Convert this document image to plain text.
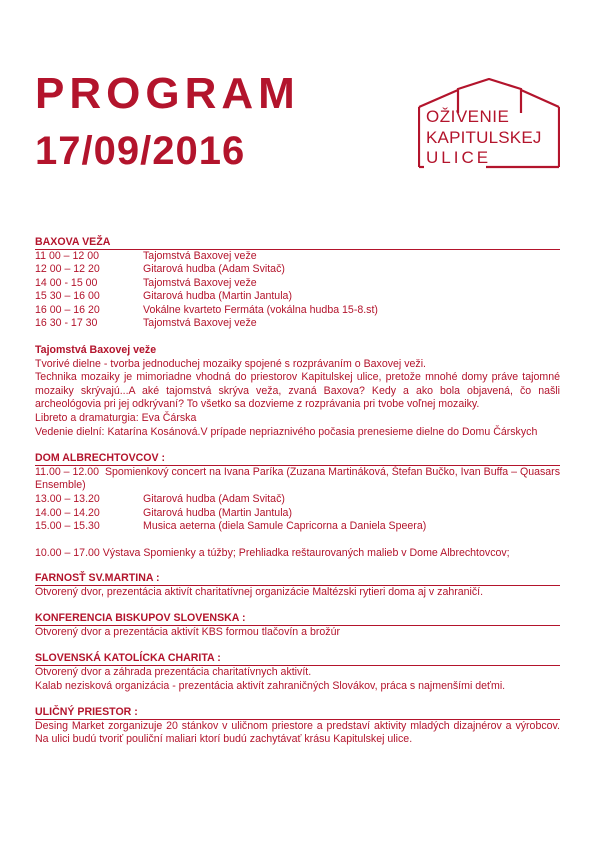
PROGRAM
17/09/2016
OŽIVENIE
KAPITULSKEJ
ULICE
BAXOVA VEŽA
11 00 – 12 00	Tajomstvá Baxovej veže
12 00 – 12 20	Gitarová hudba (Adam Svitač)
14 00 - 15 00	Tajomstvá Baxovej veže
15 30 – 16 00	Gitarová hudba (Martin Jantula)
16 00 – 16 20	Vokálne kvarteto Fermáta (vokálna hudba 15-8.st)
16 30 - 17 30	Tajomstvá Baxovej veže
Tajomstvá Baxovej veže
Tvorivé dielne - tvorba jednoduchej mozaiky spojené s rozprávaním o Baxovej veži.
Technika mozaiky je mimoriadne vhodná do priestorov Kapitulskej ulice, pretože mnohé domy práve tajomné mozaiky skrývajú...A aké tajomstvá skrýva veža, zvaná Baxova? Kedy a ako bola objavená, čo našli archeológovia pri jej odkrývaní? To všetko sa dozvieme z rozprávania pri tvobe voľnej mozaiky.
Libreto a dramaturgia: Eva Čárska
Vedenie dielní: Katarína Kosánová.V prípade nepriaznivého počasia prenesieme dielne do Domu Čárskych
DOM ALBRECHTOVCOV :
11.00 – 12.00 Spomienkový concert na Ivana Paríka (Zuzana Martináková, Štefan Bučko, Ivan Buffa – Quasars Ensemble)
13.00 – 13.20	Gitarová hudba (Adam Svitač)
14.00 – 14.20	Gitarová hudba (Martin Jantula)
15.00 – 15.30	Musica aeterna (diela Samule Capricorna a Daniela Speera)
10.00 – 17.00 Výstava Spomienky a túžby; Prehliadka reštaurovaných malieb v Dome Albrechtovcov;
FARNOSŤ SV.MARTINA :
Otvorený dvor, prezentácia aktivít charitatívnej organizácie Maltézski rytieri doma aj v zahraničí.
KONFERENCIA BISKUPOV SLOVENSKA :
Otvorený dvor a prezentácia aktivít KBS formou tlačovín a brožúr
SLOVENSKÁ KATOLÍCKA CHARITA :
Otvorený dvor a záhrada prezentácia charitatívnych aktivít.
Kalab nezisková organizácia - prezentácia aktivít zahraničných Slovákov, práca s najmenšími deťmi.
ULIČNÝ PRIESTOR :
Desing Market zorganizuje 20 stánkov v uličnom priestore a predstaví aktivity mladých dizajnérov a výrobcov. Na ulici budú tvoriť pouliční maliari ktorí budú zachytávať krásu Kapitulskej ulice.
